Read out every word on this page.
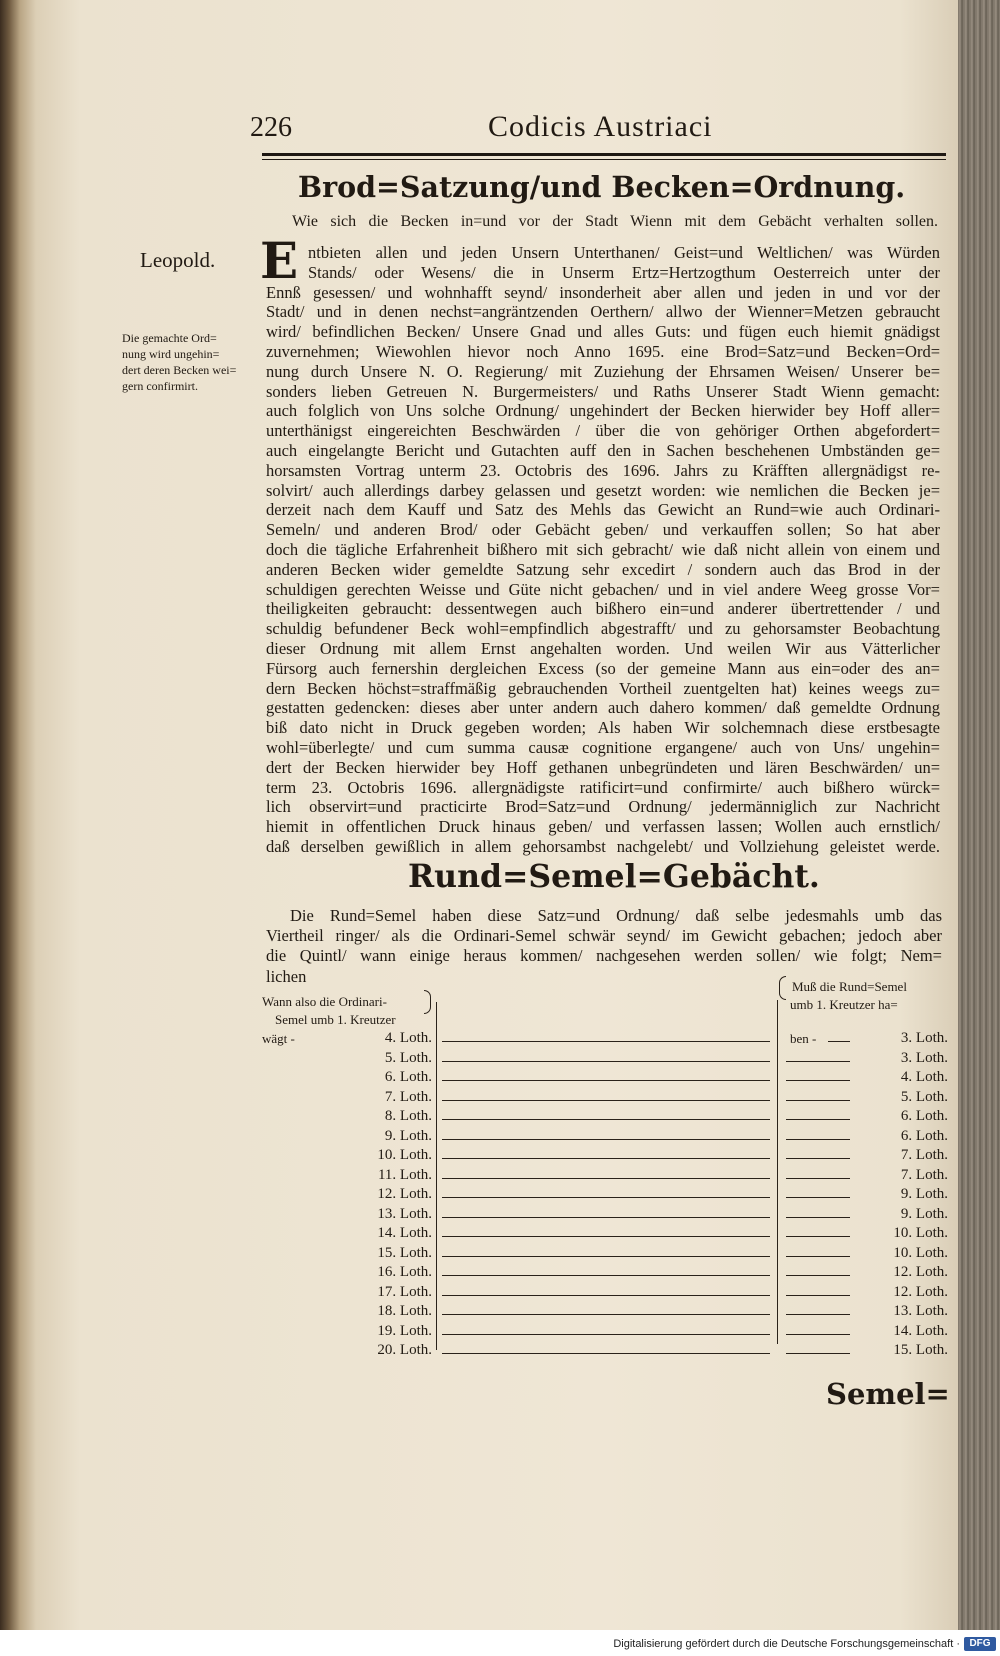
226	Codicis Austriaci
Brod=Satzung/und Becken=Ordnung.
Wie sich die Becken in=und vor der Stadt Wienn mit dem Gebächt verhalten sollen.
Leopold.
Die gemachte Ord=
nung wird ungehin=
dert deren Becken wei=
gern confirmirt.
E ntbieten allen und jeden Unsern Unterthanen/ Geist=und Weltlichen/ was Würden
Stands/ oder Wesens/ die in Unserm Ertz=Hertzogthum Oesterreich unter der
Ennß gesessen/ und wohnhafft seynd/ insonderheit aber allen und jeden in und vor der
Stadt/ und in denen nechst=angräntzenden Oerthern/ allwo der Wienner=Metzen gebraucht
wird/ befindlichen Becken/ Unsere Gnad und alles Guts: und fügen euch hiemit gnädigst
zuvernehmen; Wiewohlen hievor noch Anno 1695. eine Brod=Satz=und Becken=Ord=
nung durch Unsere N. O. Regierung/ mit Zuziehung der Ehrsamen Weisen/ Unserer be=
sonders lieben Getreuen N. Burgermeisters/ und Raths Unserer Stadt Wienn gemacht:
auch folglich von Uns solche Ordnung/ ungehindert der Becken hierwider bey Hoff aller=
unterthänigst eingereichten Beschwärden / über die von gehöriger Orthen abgefordert=
auch eingelangte Bericht und Gutachten auff den in Sachen beschehenen Umbständen ge=
horsamsten Vortrag unterm 23. Octobris des 1696. Jahrs zu Kräfften allergnädigst re-
solvirt/ auch allerdings darbey gelassen und gesetzt worden: wie nemlichen die Becken je=
derzeit nach dem Kauff und Satz des Mehls das Gewicht an Rund=wie auch Ordinari-
Semeln/ und anderen Brod/ oder Gebächt geben/ und verkauffen sollen; So hat aber
doch die tägliche Erfahrenheit bißhero mit sich gebracht/ wie daß nicht allein von einem und
anderen Becken wider gemeldte Satzung sehr excedirt / sondern auch das Brod in der
schuldigen gerechten Weisse und Güte nicht gebachen/ und in viel andere Weeg grosse Vor=
theiligkeiten gebraucht: dessentwegen auch bißhero ein=und anderer übertrettender / und
schuldig befundener Beck wohl=empfindlich abgestrafft/ und zu gehorsamster Beobachtung
dieser Ordnung mit allem Ernst angehalten worden. Und weilen Wir aus Vätterlicher
Fürsorg auch fernershin dergleichen Excess (so der gemeine Mann aus ein=oder des an=
dern Becken höchst=straffmäßig gebrauchenden Vortheil zuentgelten hat) keines weegs zu=
gestatten gedencken: dieses aber unter andern auch dahero kommen/ daß gemeldte Ordnung
biß dato nicht in Druck gegeben worden; Als haben Wir solchemnach diese erstbesagte
wohl=überlegte/ und cum summa causæ cognitione ergangene/ auch von Uns/ ungehin=
dert der Becken hierwider bey Hoff gethanen unbegründeten und lären Beschwärden/ un=
term 23. Octobris 1696. allergnädigste ratificirt=und confirmirte/ auch bißhero würck=
lich observirt=und practicirte Brod=Satz=und Ordnung/ jedermänniglich zur Nachricht
hiemit in offentlichen Druck hinaus geben/ und verfassen lassen; Wollen auch ernstlich/
daß derselben gewißlich in allem gehorsambst nachgelebt/ und Vollziehung geleistet werde.
Rund=Semel=Gebächt.
Die Rund=Semel haben diese Satz=und Ordnung/ daß selbe jedesmahls umb das
Viertheil ringer/ als die Ordinari-Semel schwär seynd/ im Gewicht gebachen; jedoch aber
die Quintl/ wann einige heraus kommen/ nachgesehen werden sollen/ wie folgt; Nem=
lichen
Wann also die Ordinari-
Semel umb 1. Kreutzer
wägt -
Muß die Rund=Semel
umb 1. Kreutzer ha=
ben -
4. Loth.	3. Loth.
5. Loth.	3. Loth.
6. Loth.	4. Loth.
7. Loth.	5. Loth.
8. Loth.	6. Loth.
9. Loth.	6. Loth.
10. Loth.	7. Loth.
11. Loth.	7. Loth.
12. Loth.	9. Loth.
13. Loth.	9. Loth.
14. Loth.	10. Loth.
15. Loth.	10. Loth.
16. Loth.	12. Loth.
17. Loth.	12. Loth.
18. Loth.	13. Loth.
19. Loth.	14. Loth.
20. Loth.	15. Loth.
Semel=
Digitalisierung gefördert durch die Deutsche Forschungsgemeinschaft · DFG
